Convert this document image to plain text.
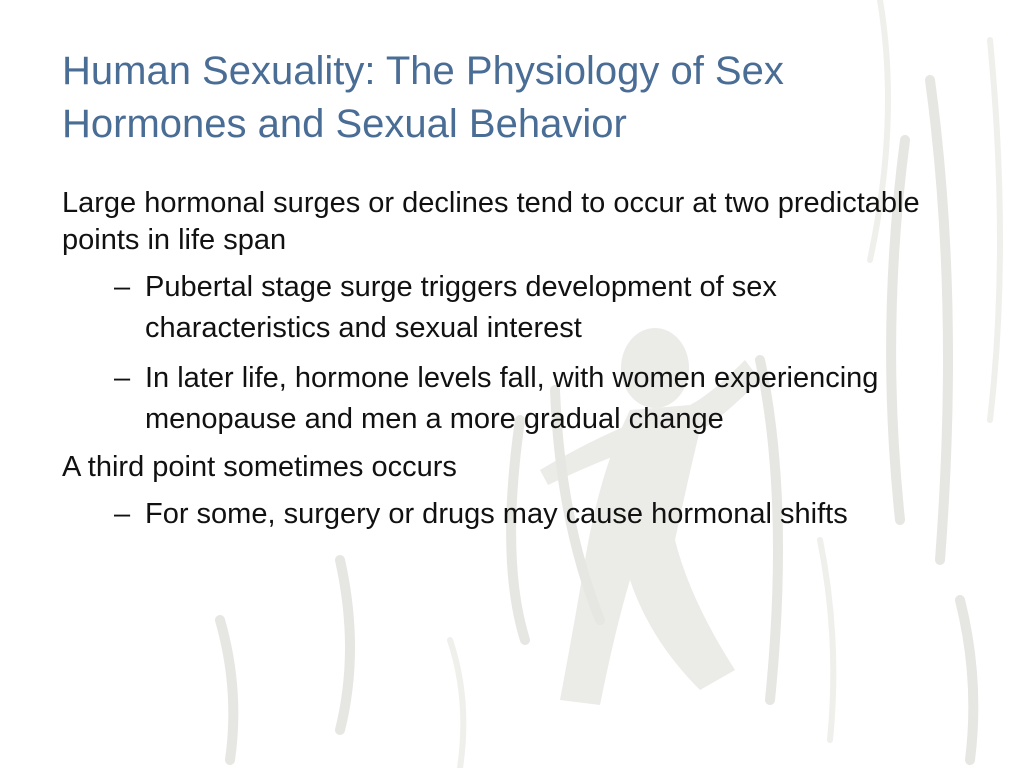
Human Sexuality: The Physiology of Sex Hormones and Sexual Behavior
Large hormonal surges or declines tend to occur at two predictable points in life span
– Pubertal stage surge triggers development of sex characteristics and sexual interest
– In later life, hormone levels fall, with women experiencing menopause and men a more gradual change
A third point sometimes occurs
– For some, surgery or drugs may cause hormonal shifts
